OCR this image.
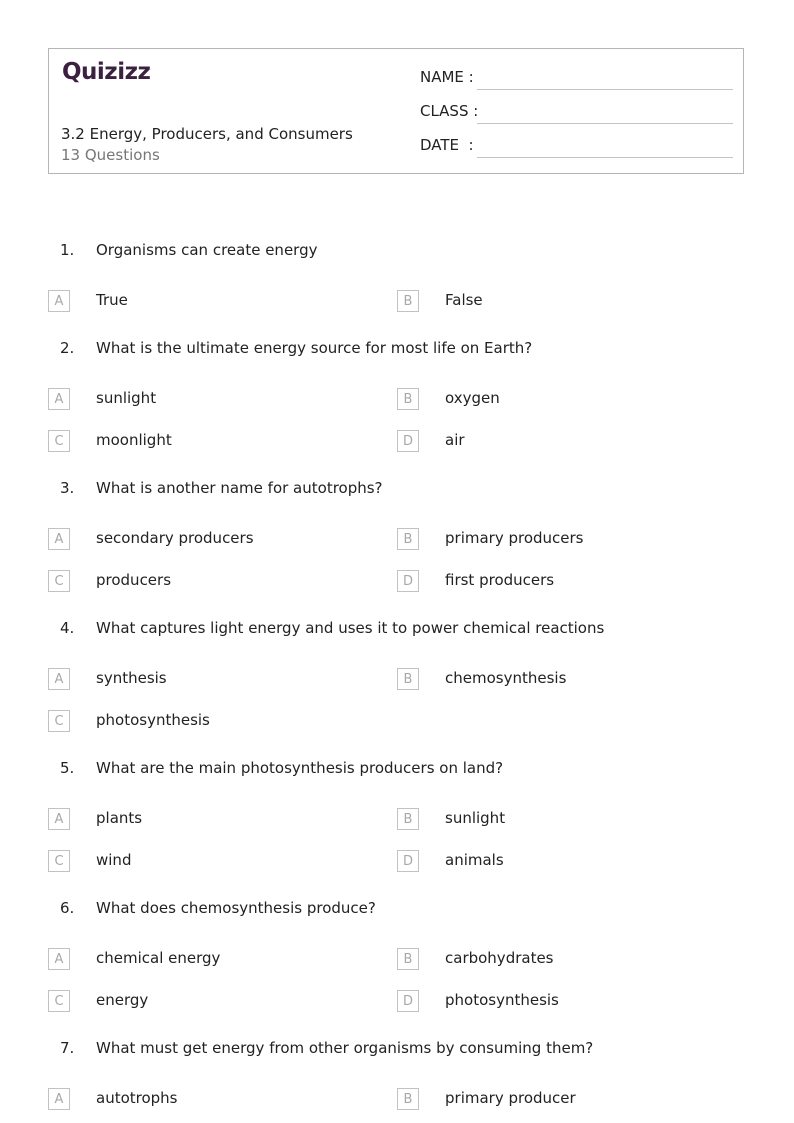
Quizizz
3.2 Energy, Producers, and Consumers
13 Questions
NAME :
CLASS :
DATE  :
1. Organisms can create energy
A	True	B	False
2. What is the ultimate energy source for most life on Earth?
A	sunlight	B	oxygen
C	moonlight	D	air
3. What is another name for autotrophs?
A	secondary producers	B	primary producers
C	producers	D	first producers
4. What captures light energy and uses it to power chemical reactions
A	synthesis	B	chemosynthesis
C	photosynthesis
5. What are the main photosynthesis producers on land?
A	plants	B	sunlight
C	wind	D	animals
6. What does chemosynthesis produce?
A	chemical energy	B	carbohydrates
C	energy	D	photosynthesis
7. What must get energy from other organisms by consuming them?
A	autotrophs	B	primary producer
